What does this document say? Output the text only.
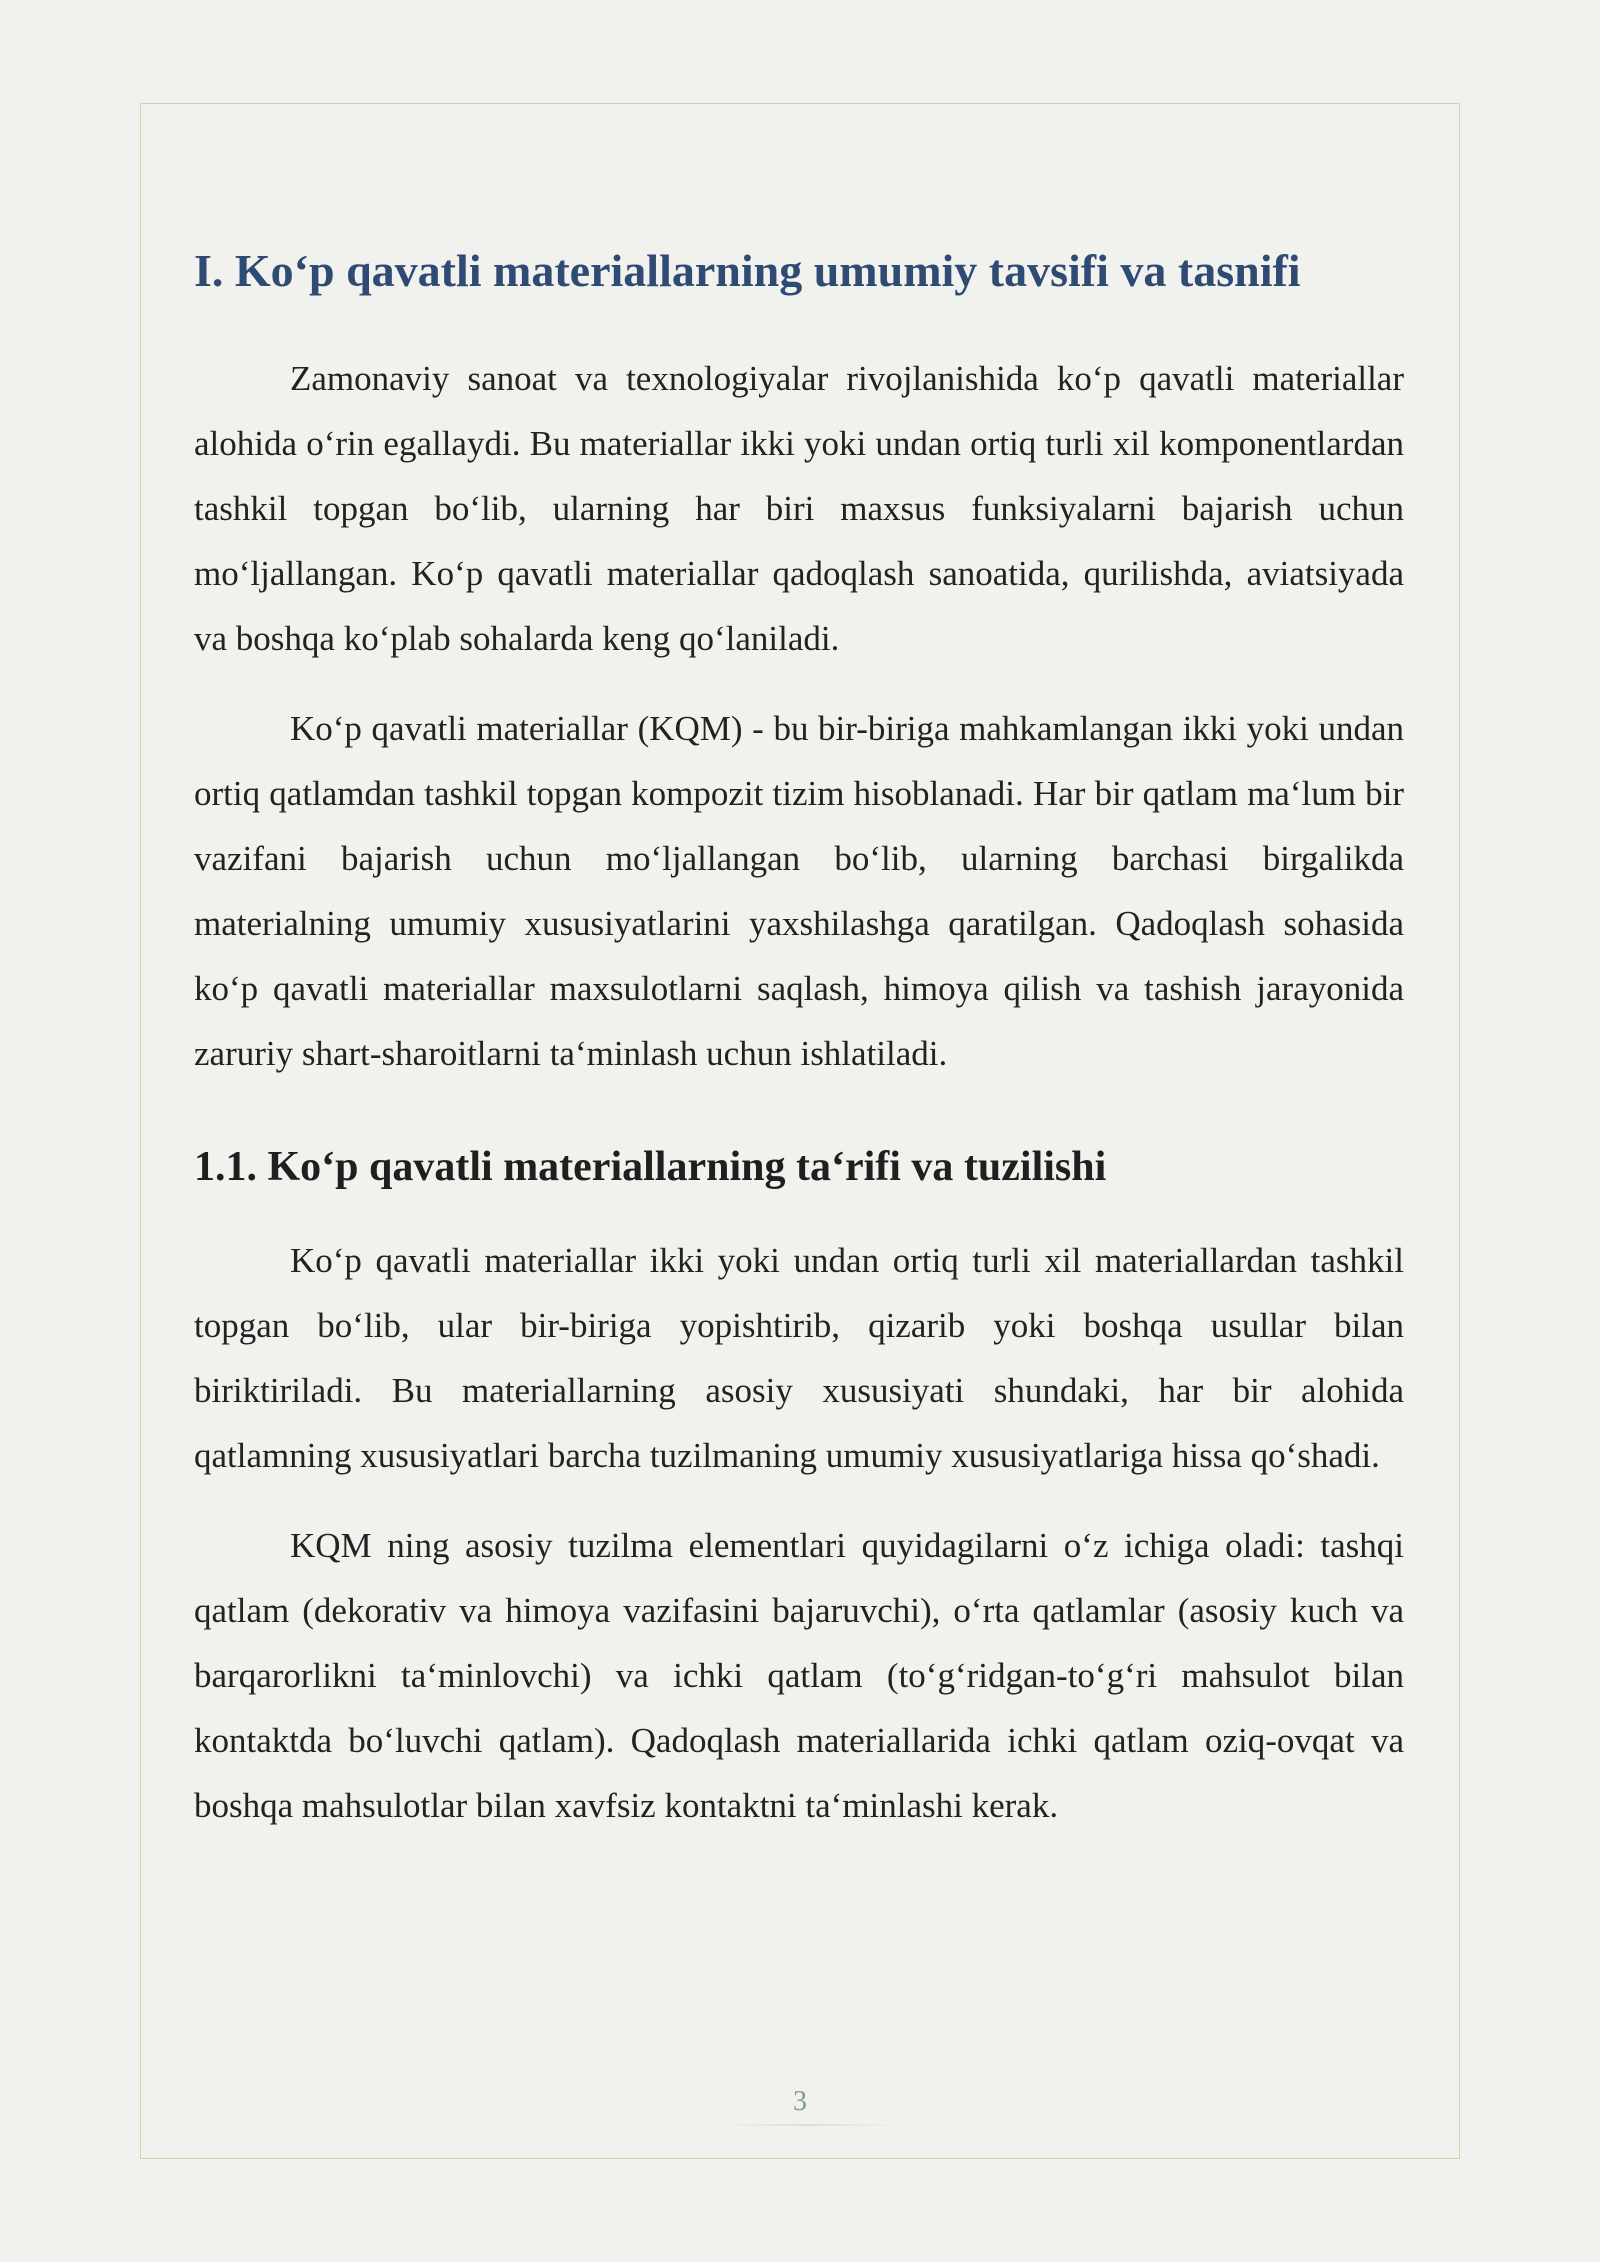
I. Ko‘p qavatli materiallarning umumiy tavsifi va tasnifi

Zamonaviy sanoat va texnologiyalar rivojlanishida ko‘p qavatli materiallar alohida o‘rin egallaydi. Bu materiallar ikki yoki undan ortiq turli xil komponentlardan tashkil topgan bo‘lib, ularning har biri maxsus funksiyalarni bajarish uchun mo‘ljallangan. Ko‘p qavatli materiallar qadoqlash sanoatida, qurilishda, aviatsiyada va boshqa ko‘plab sohalarda keng qo‘laniladi.

Ko‘p qavatli materiallar (KQM) - bu bir-biriga mahkamlangan ikki yoki undan ortiq qatlamdan tashkil topgan kompozit tizim hisoblanadi. Har bir qatlam ma‘lum bir vazifani bajarish uchun mo‘ljallangan bo‘lib, ularning barchasi birgalikda materialning umumiy xususiyatlarini yaxshilashga qaratilgan. Qadoqlash sohasida ko‘p qavatli materiallar maxsulotlarni saqlash, himoya qilish va tashish jarayonida zaruriy shart-sharoitlarni ta‘minlash uchun ishlatiladi.

1.1. Ko‘p qavatli materiallarning ta‘rifi va tuzilishi

Ko‘p qavatli materiallar ikki yoki undan ortiq turli xil materiallardan tashkil topgan bo‘lib, ular bir-biriga yopishtirib, qizarib yoki boshqa usullar bilan biriktiriladi. Bu materiallarning asosiy xususiyati shundaki, har bir alohida qatlamning xususiyatlari barcha tuzilmaning umumiy xususiyatlariga hissa qo‘shadi.

KQM ning asosiy tuzilma elementlari quyidagilarni o‘z ichiga oladi: tashqi qatlam (dekorativ va himoya vazifasini bajaruvchi), o‘rta qatlamlar (asosiy kuch va barqarorlikni ta‘minlovchi) va ichki qatlam (to‘g‘ridgan-to‘g‘ri mahsulot bilan kontaktda bo‘luvchi qatlam). Qadoqlash materiallarida ichki qatlam oziq-ovqat va boshqa mahsulotlar bilan xavfsiz kontaktni ta‘minlashi kerak.

3
